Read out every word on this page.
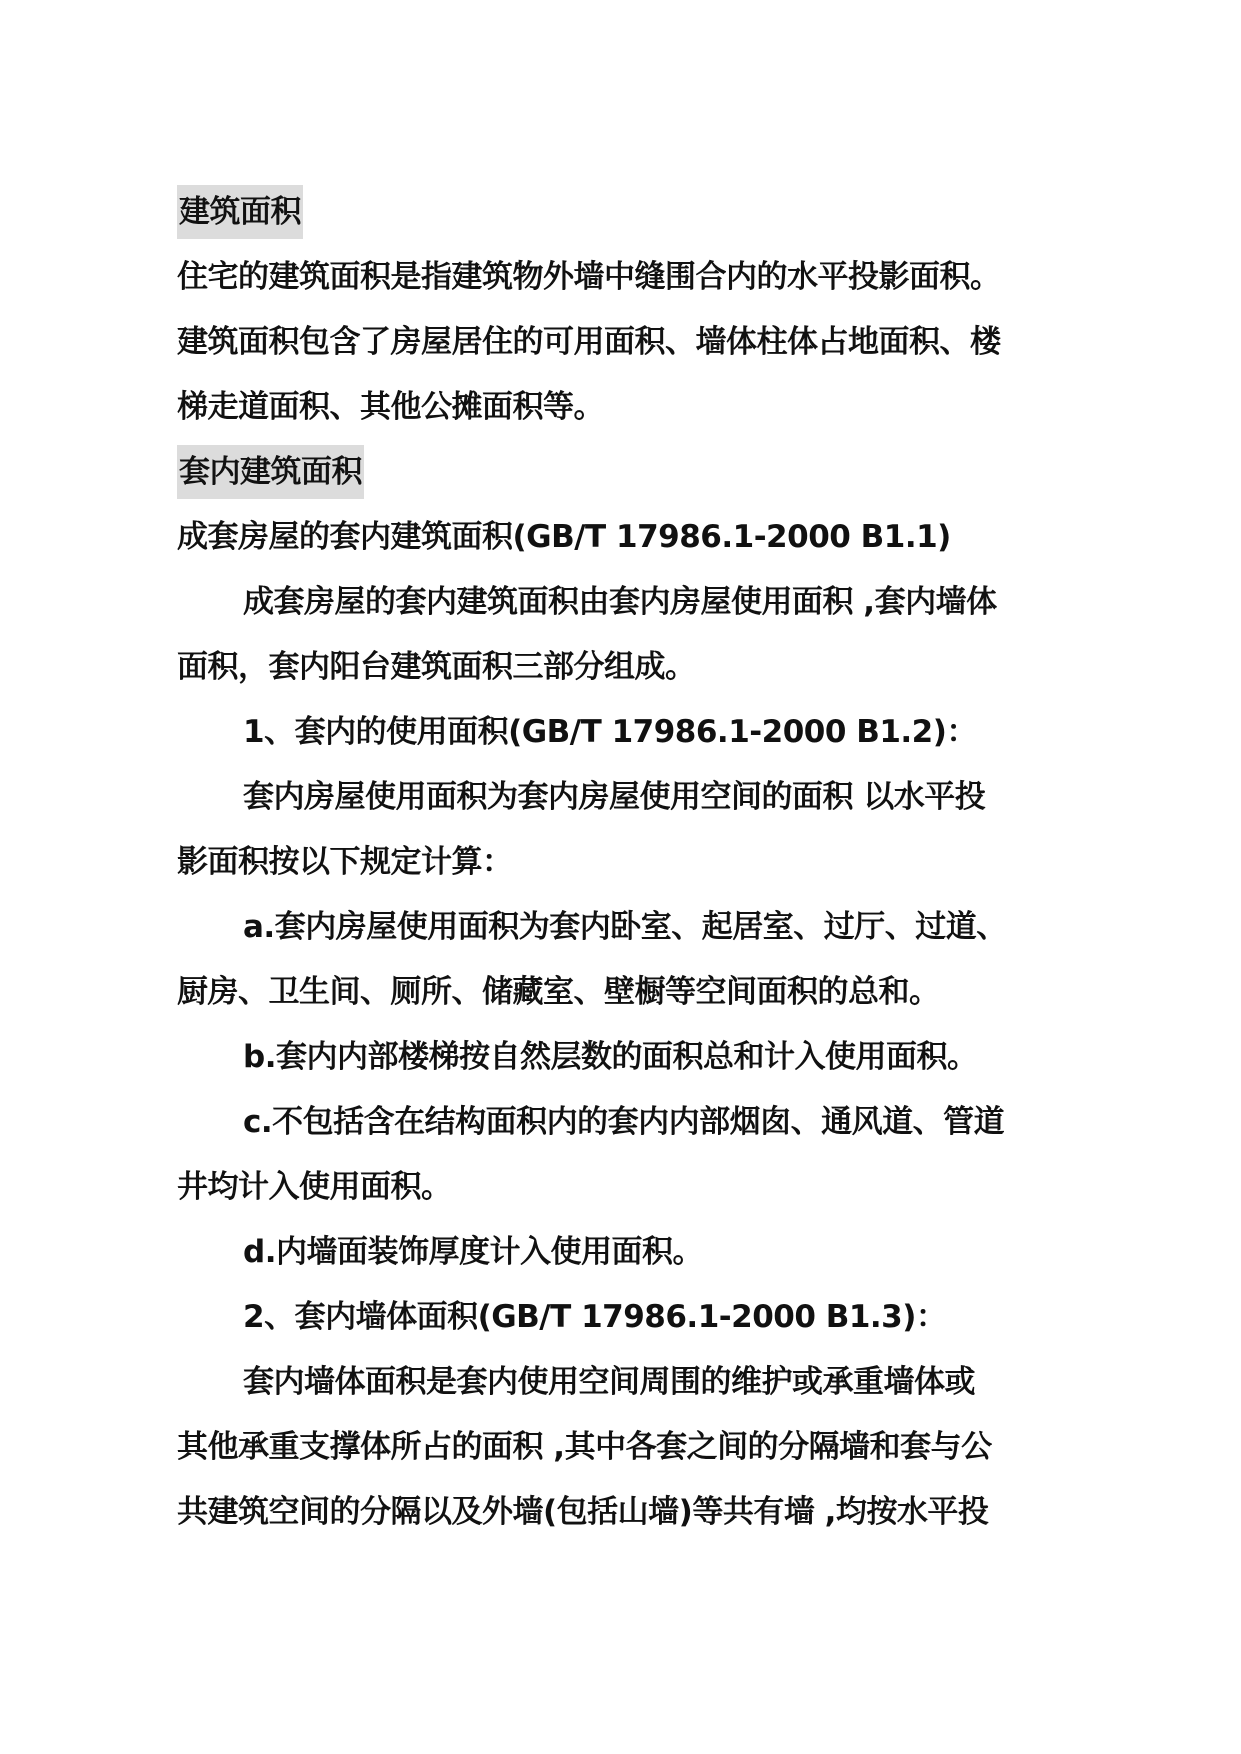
建筑面积
住宅的建筑面积是指建筑物外墙中缝围合内的水平投影面积。
建筑面积包含了房屋居住的可用面积、墙体柱体占地面积、楼
梯走道面积、其他公摊面积等。
套内建筑面积
成套房屋的套内建筑面积(GB/T 17986.1-2000 B1.1)
成套房屋的套内建筑面积由套内房屋使用面积 ,套内墙体
面积，套内阳台建筑面积三部分组成。
1、套内的使用面积(GB/T 17986.1-2000 B1.2)：
套内房屋使用面积为套内房屋使用空间的面积 以水平投
影面积按以下规定计算：
a.套内房屋使用面积为套内卧室、起居室、过厅、过道、
厨房、卫生间、厕所、储藏室、壁橱等空间面积的总和。
b.套内内部楼梯按自然层数的面积总和计入使用面积。
c.不包括含在结构面积内的套内内部烟囱、通风道、管道
井均计入使用面积。
d.内墙面装饰厚度计入使用面积。
2、套内墙体面积(GB/T 17986.1-2000 B1.3)：
套内墙体面积是套内使用空间周围的维护或承重墙体或
其他承重支撑体所占的面积 ,其中各套之间的分隔墙和套与公
共建筑空间的分隔以及外墙(包括山墙)等共有墙 ,均按水平投
